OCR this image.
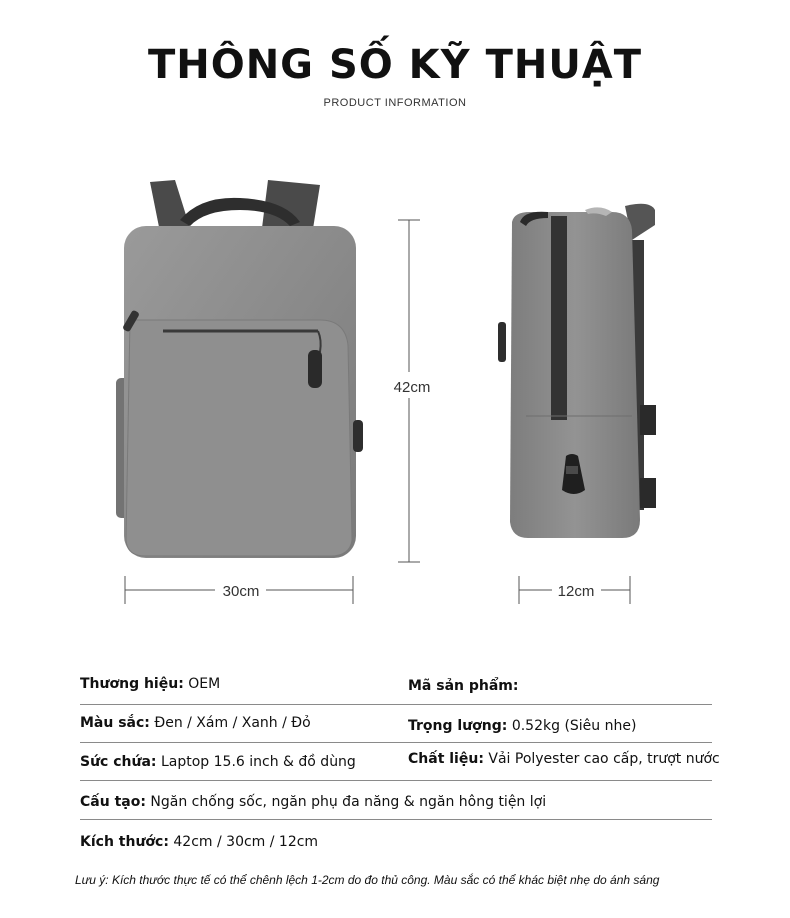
THÔNG SỐ KỸ THUẬT
PRODUCT INFORMATION
42cm
30cm	12cm
Thương hiệu: OEM	Mã sản phẩm:
Màu sắc: Đen / Xám / Xanh / Đỏ	Trọng lượng: 0.52kg (Siêu nhe)
Sức chứa: Laptop 15.6 inch & đồ dùng	Chất liệu: Vải Polyester cao cấp, trượt nước
Cấu tạo: Ngăn chống sốc, ngăn phụ đa năng & ngăn hông tiện lợi
Kích thước: 42cm / 30cm / 12cm
Lưu ý: Kích thước thực tế có thể chênh lệch 1-2cm do đo thủ công. Màu sắc có thể khác biệt nhẹ do ánh sáng
